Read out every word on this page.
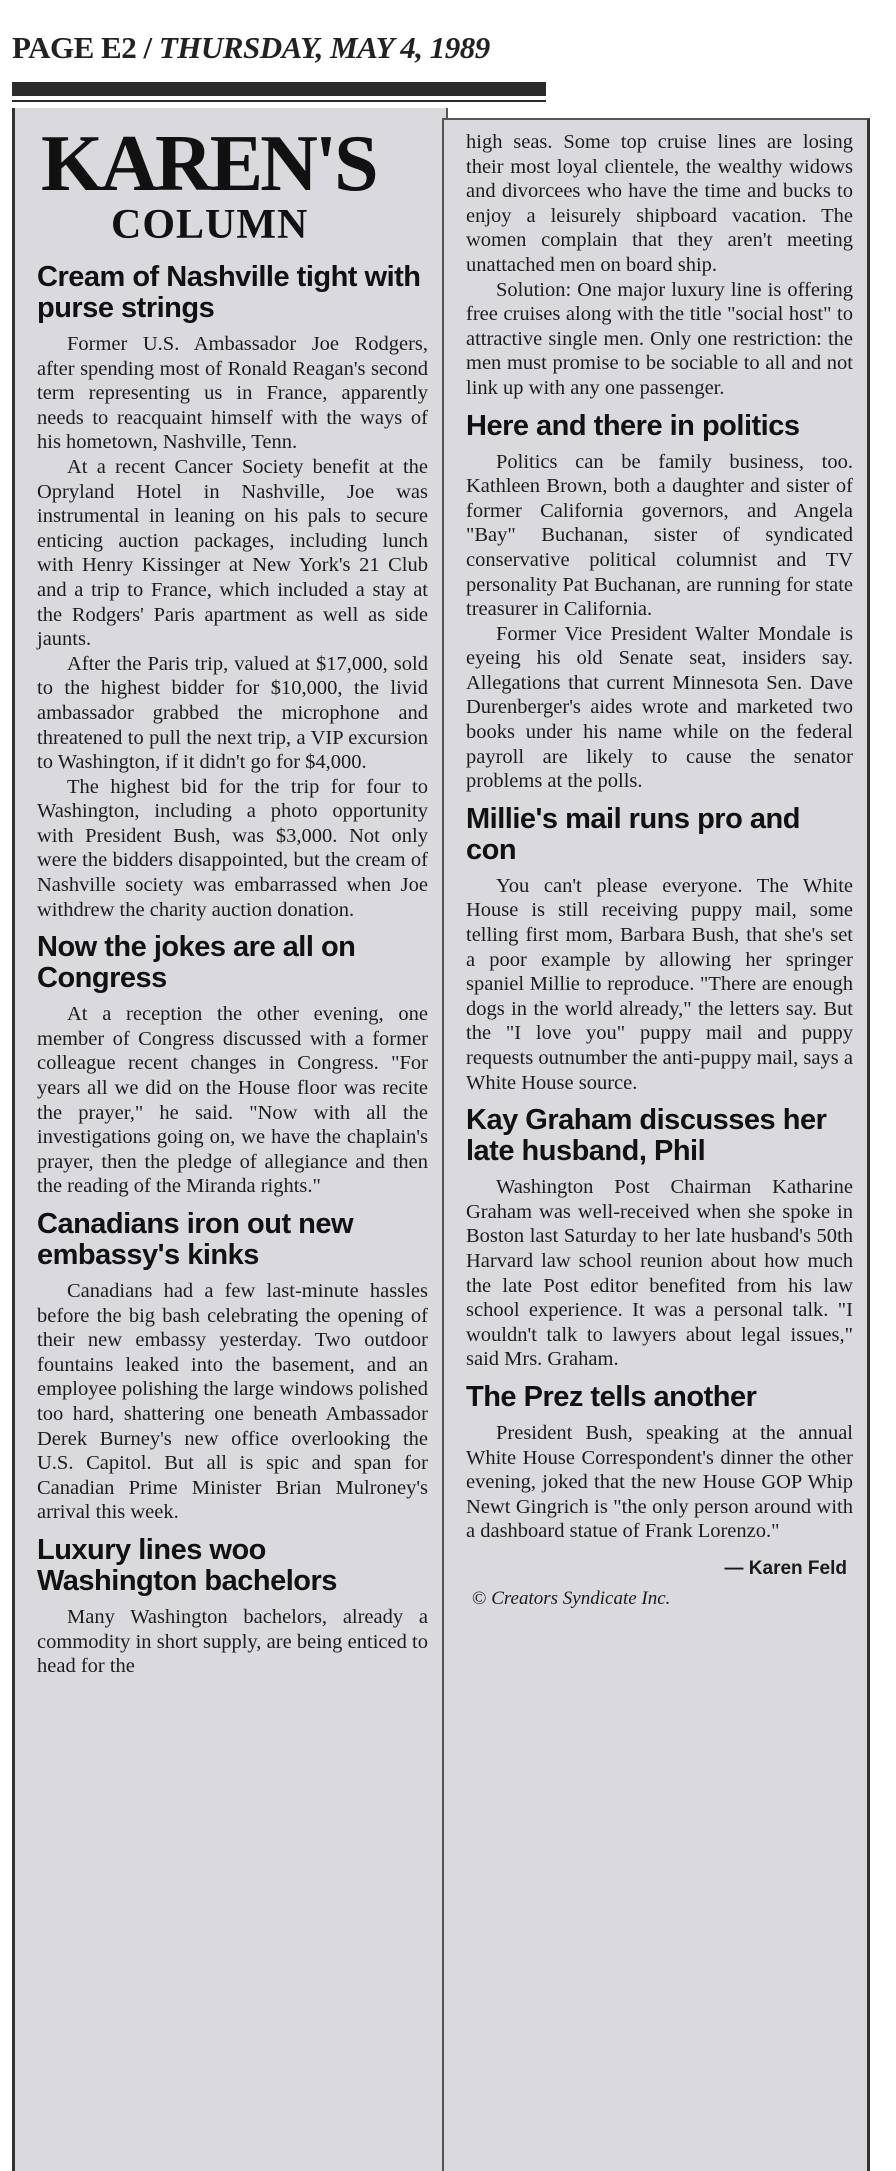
PAGE E2 / THURSDAY, MAY 4, 1989
KAREN'S
COLUMN
Cream of Nashville tight with purse strings

Former U.S. Ambassador Joe Rodgers, after spending most of Ronald Reagan's second term representing us in France, apparently needs to reacquaint himself with the ways of his hometown, Nashville, Tenn.

At a recent Cancer Society benefit at the Opryland Hotel in Nashville, Joe was instrumental in leaning on his pals to secure enticing auction packages, including lunch with Henry Kissinger at New York's 21 Club and a trip to France, which included a stay at the Rodgers' Paris apartment as well as side jaunts.

After the Paris trip, valued at $17,000, sold to the highest bidder for $10,000, the livid ambassador grabbed the microphone and threatened to pull the next trip, a VIP excursion to Washington, if it didn't go for $4,000.

The highest bid for the trip for four to Washington, including a photo opportunity with President Bush, was $3,000. Not only were the bidders disappointed, but the cream of Nashville society was embarrassed when Joe withdrew the charity auction donation.

Now the jokes are all on Congress

At a reception the other evening, one member of Congress discussed with a former colleague recent changes in Congress. "For years all we did on the House floor was recite the prayer," he said. "Now with all the investigations going on, we have the chaplain's prayer, then the pledge of allegiance and then the reading of the Miranda rights."

Canadians iron out new embassy's kinks

Canadians had a few last-minute hassles before the big bash celebrating the opening of their new embassy yesterday. Two outdoor fountains leaked into the basement, and an employee polishing the large windows polished too hard, shattering one beneath Ambassador Derek Burney's new office overlooking the U.S. Capitol. But all is spic and span for Canadian Prime Minister Brian Mulroney's arrival this week.

Luxury lines woo Washington bachelors

Many Washington bachelors, already a commodity in short supply, are being enticed to head for the

high seas. Some top cruise lines are losing their most loyal clientele, the wealthy widows and divorcees who have the time and bucks to enjoy a leisurely shipboard vacation. The women complain that they aren't meeting unattached men on board ship.

Solution: One major luxury line is offering free cruises along with the title "social host" to attractive single men. Only one restriction: the men must promise to be sociable to all and not link up with any one passenger.

Here and there in politics

Politics can be family business, too. Kathleen Brown, both a daughter and sister of former California governors, and Angela "Bay" Buchanan, sister of syndicated conservative political columnist and TV personality Pat Buchanan, are running for state treasurer in California.

Former Vice President Walter Mondale is eyeing his old Senate seat, insiders say. Allegations that current Minnesota Sen. Dave Durenberger's aides wrote and marketed two books under his name while on the federal payroll are likely to cause the senator problems at the polls.

Millie's mail runs pro and con

You can't please everyone. The White House is still receiving puppy mail, some telling first mom, Barbara Bush, that she's set a poor example by allowing her springer spaniel Millie to reproduce. "There are enough dogs in the world already," the letters say. But the "I love you" puppy mail and puppy requests outnumber the anti-puppy mail, says a White House source.

Kay Graham discusses her late husband, Phil

Washington Post Chairman Katharine Graham was well-received when she spoke in Boston last Saturday to her late husband's 50th Harvard law school reunion about how much the late Post editor benefited from his law school experience. It was a personal talk. "I wouldn't talk to lawyers about legal issues," said Mrs. Graham.

The Prez tells another

President Bush, speaking at the annual White House Correspondent's dinner the other evening, joked that the new House GOP Whip Newt Gingrich is "the only person around with a dashboard statue of Frank Lorenzo."

— Karen Feld
© Creators Syndicate Inc.
